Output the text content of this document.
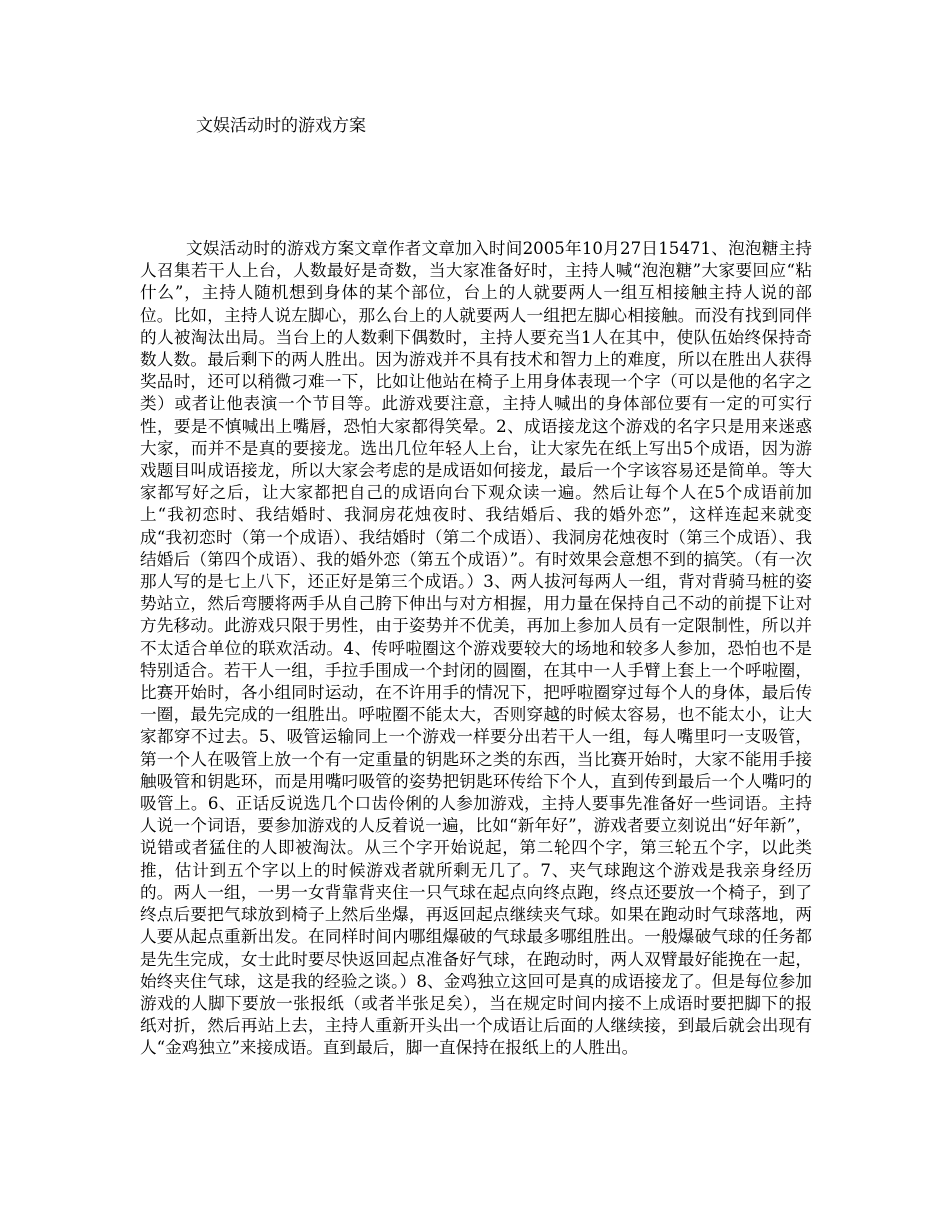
文娱活动时的游戏方案

文娱活动时的游戏方案文章作者文章加入时间2005年10月27日15471、泡泡糖主持人召集若干人上台，人数最好是奇数，当大家准备好时，主持人喊“泡泡糖”大家要回应“粘什么”，主持人随机想到身体的某个部位，台上的人就要两人一组互相接触主持人说的部位。比如，主持人说左脚心，那么台上的人就要两人一组把左脚心相接触。而没有找到同伴的人被淘汰出局。当台上的人数剩下偶数时，主持人要充当1人在其中，使队伍始终保持奇数人数。最后剩下的两人胜出。因为游戏并不具有技术和智力上的难度，所以在胜出人获得奖品时，还可以稍微刁难一下，比如让他站在椅子上用身体表现一个字（可以是他的名字之类）或者让他表演一个节目等。此游戏要注意，主持人喊出的身体部位要有一定的可实行性，要是不慎喊出上嘴唇，恐怕大家都得笑晕。2、成语接龙这个游戏的名字只是用来迷惑大家，而并不是真的要接龙。选出几位年轻人上台，让大家先在纸上写出5个成语，因为游戏题目叫成语接龙，所以大家会考虑的是成语如何接龙，最后一个字该容易还是简单。等大家都写好之后，让大家都把自己的成语向台下观众读一遍。然后让每个人在5个成语前加上“我初恋时、我结婚时、我洞房花烛夜时、我结婚后、我的婚外恋”，这样连起来就变成“我初恋时（第一个成语）、我结婚时（第二个成语）、我洞房花烛夜时（第三个成语）、我结婚后（第四个成语）、我的婚外恋（第五个成语）”。有时效果会意想不到的搞笑。（有一次那人写的是七上八下，还正好是第三个成语。）3、两人拔河每两人一组，背对背骑马桩的姿势站立，然后弯腰将两手从自己胯下伸出与对方相握，用力量在保持自己不动的前提下让对方先移动。此游戏只限于男性，由于姿势并不优美，再加上参加人员有一定限制性，所以并不太适合单位的联欢活动。4、传呼啦圈这个游戏要较大的场地和较多人参加，恐怕也不是特别适合。若干人一组，手拉手围成一个封闭的圆圈，在其中一人手臂上套上一个呼啦圈，比赛开始时，各小组同时运动，在不许用手的情况下，把呼啦圈穿过每个人的身体，最后传一圈，最先完成的一组胜出。呼啦圈不能太大，否则穿越的时候太容易，也不能太小，让大家都穿不过去。5、吸管运输同上一个游戏一样要分出若干人一组，每人嘴里叼一支吸管，第一个人在吸管上放一个有一定重量的钥匙环之类的东西，当比赛开始时，大家不能用手接触吸管和钥匙环，而是用嘴叼吸管的姿势把钥匙环传给下个人，直到传到最后一个人嘴叼的吸管上。6、正话反说选几个口齿伶俐的人参加游戏，主持人要事先准备好一些词语。主持人说一个词语，要参加游戏的人反着说一遍，比如“新年好”，游戏者要立刻说出“好年新”，说错或者猛住的人即被淘汰。从三个字开始说起，第二轮四个字，第三轮五个字，以此类推，估计到五个字以上的时候游戏者就所剩无几了。7、夹气球跑这个游戏是我亲身经历的。两人一组，一男一女背靠背夹住一只气球在起点向终点跑，终点还要放一个椅子，到了终点后要把气球放到椅子上然后坐爆，再返回起点继续夹气球。如果在跑动时气球落地，两人要从起点重新出发。在同样时间内哪组爆破的气球最多哪组胜出。一般爆破气球的任务都是先生完成，女士此时要尽快返回起点准备好气球，在跑动时，两人双臂最好能挽在一起，始终夹住气球，这是我的经验之谈。）8、金鸡独立这回可是真的成语接龙了。但是每位参加游戏的人脚下要放一张报纸（或者半张足矣），当在规定时间内接不上成语时要把脚下的报纸对折，然后再站上去，主持人重新开头出一个成语让后面的人继续接，到最后就会出现有人“金鸡独立”来接成语。直到最后，脚一直保持在报纸上的人胜出。
